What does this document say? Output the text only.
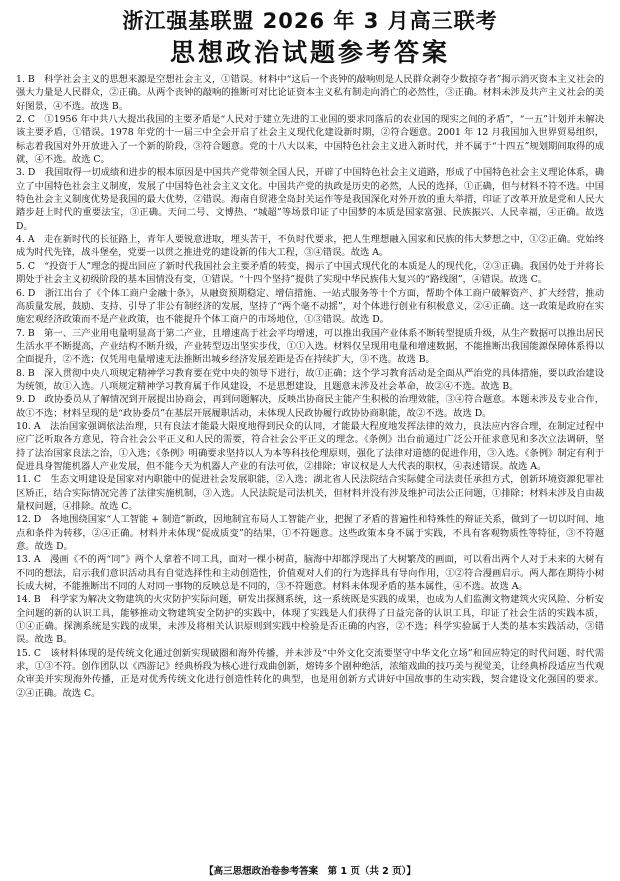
浙江强基联盟 2026 年 3 月高三联考
思想政治试题参考答案

1. B　科学社会主义的思想来源是空想社会主义，①错误。材料中“这后一个丧钟的敲响则是人民群众剥夺少数掠夺者”揭示消灭资本主义社会的强大力量是人民群众，②正确。从两个丧钟的敲响的推断可对比论证资本主义私有制走向消亡的必然性，③正确。材料未涉及共产主义社会的美好图景，④不选。故选 B。

2. C　①1956 年中共八大提出我国的主要矛盾是“人民对于建立先进的工业国的要求同落后的农业国的现实之间的矛盾”，“一五”计划并未解决该主要矛盾，①错误。1978 年党的十一届三中全会开启了社会主义现代化建设新时期，②符合题意。2001 年 12 月我国加入世界贸易组织，标志着我国对外开放进入了一个新的阶段，③符合题意。党的十八大以来，中国特色社会主义进入新时代，并不属于“十四五”规划期间取得的成就，④不选。故选 C。

3. D　我国取得一切成绩和进步的根本原因是中国共产党带领全国人民，开辟了中国特色社会主义道路，形成了中国特色社会主义理论体系，确立了中国特色社会主义制度，发展了中国特色社会主义文化。中国共产党的执政是历史的必然，人民的选择，①正确，但与材料不符不选。中国特色社会主义制度优势是我国的最大优势，②错误。海南自贸港全岛封关运作等是我国深化对外开放的重大举措，印证了改革开放是党和人民大踏步赶上时代的重要法宝，③正确。天问二号、文博热、“城超”等场景印证了中国梦的本质是国家富强、民族振兴、人民幸福，④正确。故选 D。

4. A　走在新时代的长征路上，青年人要锐意进取，埋头苦干，不负时代要求，把人生理想融入国家和民族的伟大梦想之中，①②正确。党始终成为时代先锋，战斗堡垒，党要一以贯之推进党的建设新的伟大工程，③④错误。故选 A。

5. C　“投资于人”理念的提出回应了新时代我国社会主要矛盾的转变，揭示了中国式现代化的本质是人的现代化，②③正确。我国仍处于并将长期处于社会主义初级阶段的基本国情没有变，①错误。“十四个坚持”提供了实现中华民族伟大复兴的“路线图”，④错误。故选 C。

6. D　浙江出台了《个体工商户金融十条》，从融资预期稳定、增信措施、一站式服务等十个方面，帮助个体工商户破解资产、扩大经营，推动高质量发展，鼓励、支持、引导了非公有制经济的发展，坚持了“两个毫不动摇”，对个体进行创业有积极意义，②④正确。这一政策是政府在实施宏观经济政策而不是产业政策，也不能提升个体工商户的市场地位，①③错误。故选 D。

7. B　第一、三产业用电量明显高于第二产业，且增速高于社会平均增速，可以推出我国产业体系不断转型提质升级，从生产数据可以推出居民生活水平不断提高，产业结构不断升级，产业转型迈出坚实步伐，①①入选。材料仅呈现用电量和增速数据，不能推断出我国能源保障体系得以全面提升，②不选；仅凭用电量增速无法推断出城乡经济发展差距是否在持续扩大，③不选。故选 B。

8. B　深入贯彻中央八项规定精神学习教育要在党中央的领导下进行，故①正确；这个学习教育活动是全面从严治党的具体措施，要以政治建设为统领，故①入选。八项规定精神学习教育属于作风建设，不是思想建设，且题意未涉及社会革命，故②④不选。故选 B。

9. D　政协委员从了解情况到开展提出协商会，再到问题解决，反映出协商民主能产生积极的治理效能，③④符合题意。本题未涉及专业合作，故①不选；材料呈现的是“政协委员”在基层开展履职活动，未体现人民政协履行政协协商职能，故②不选。故选 D。

10. A　法治国家强调依法治理，只有良法才能最大限度地得到民众的认同，才能最大程度地发挥法律的效力，良法应内容合理，在制定过程中应广泛听取各方意见，符合社会公平正义和人民的需要，符合社会公平正义的理念。《条例》出台前通过广泛公开征求意见和多次立法调研，坚持了法治国家良法之治，①入选；《条例》明确要求坚持以人为本等科技伦理原则，强化了法律对道德的促进作用，③入选。《条例》制定有利于促进具身智能机器人产业发展，但不能今天为机器人产业的有法可依，②排除；审议权是人大代表的职权，④表述错误。故选 A。

11. C　生态文明建设是国家对内职能中的促进社会发展职能，②入选；湖北省人民法院结合实际健全司法责任承担方式，创新环境资源犯罪社区矫正，结合实际情况完善了法律实施机制，③入选。人民法院是司法机关，但材料并没有涉及维护司法公正问题，①排除；材料未涉及自由裁量权问题，④排除。故选 C。

12. D　各地围绕国家“人工智能 + 制造”新政，因地制宜布局人工智能产业，把握了矛盾的普遍性和特殊性的辩证关系，做到了一切以时间、地点和条件为转移，②④正确。材料并未体现“促成质变”的结果，①不符题意。这些政策本身不属于实践，不具有客观物质性等特征，③不符题意。故选 D。

13. A　漫画《不的两“同”》两个人拿着不同工具，面对一棵小树苗，脑海中却都浮现出了大树繁茂的画面，可以看出两个人对于未来的大树有不同的想法，启示我们意识活动具有自觉选择性和主动创造性，价值观对人们的行为选择具有导向作用，①②符合漫画启示。两人都在期待小树长成大树，不能推断出不同的人对同一事物的反映总是不同的，③不符题意。材料未体现矛盾的基本属性，④不选。故选 A。

14. B　科学家为解决文物建筑的火灾防护实际问题，研发出探测系统，这一系统既是实践的成果，也成为人们监测文物建筑火灾风险、分析安全问题的新的认识工具，能够推动文物建筑安全防护的实践中，体现了实践是人们获得了日益完备的认识工具，印证了社会生活的实践本质，①④正确。探测系统是实践的成果，未涉及将相关认识原则到实践中检验是否正确的内容，②不选；科学实验属于人类的基本实践活动，③错误。故选 B。

15. C　该材料体现的是传统文化通过创新实现破圈和海外传播，并未涉及“中外文化交流要坚守中华文化立场”和回应特定的时代问题、时代需求，①③不符。创作团队以《西游记》经典桥段为核心进行戏曲创新，熔铸多个剧种绝活，浓缩戏曲的技巧美与视觉美，让经典桥段适应当代观众审美并实现海外传播，正是对优秀传统文化进行创造性转化的典型，也是用创新方式讲好中国故事的生动实践，契合建设文化强国的要求。②④正确。故选 C。

【高三思想政治卷参考答案　第 1 页（共 2 页）】
